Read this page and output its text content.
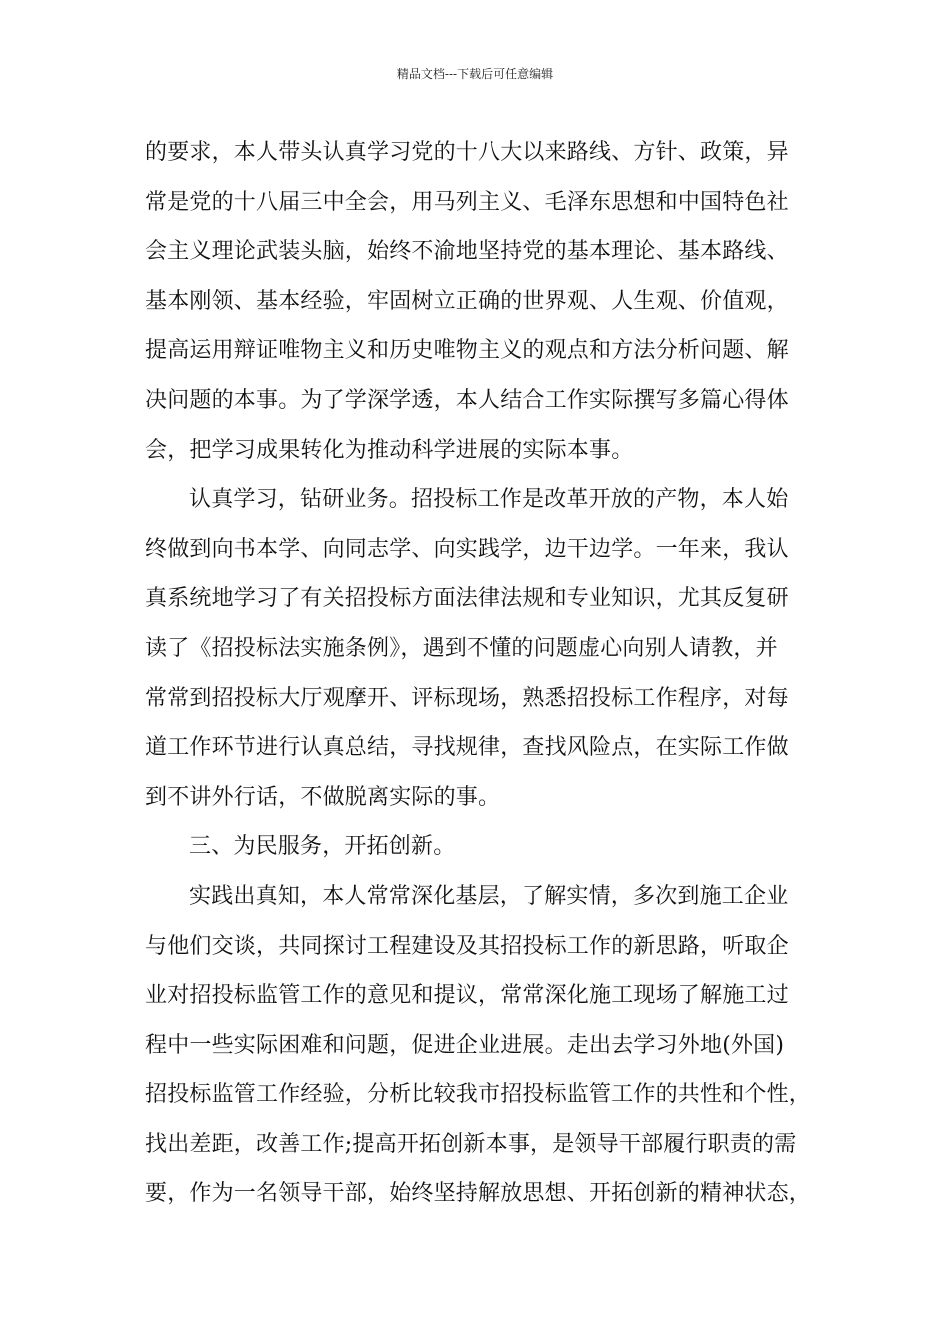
精品文档---下载后可任意编辑
的要求，本人带头认真学习党的十八大以来路线、方针、政策，异
常是党的十八届三中全会，用马列主义、毛泽东思想和中国特色社
会主义理论武装头脑，始终不渝地坚持党的基本理论、基本路线、
基本刚领、基本经验，牢固树立正确的世界观、人生观、价值观，
提高运用辩证唯物主义和历史唯物主义的观点和方法分析问题、解
决问题的本事。为了学深学透，本人结合工作实际撰写多篇心得体
会，把学习成果转化为推动科学进展的实际本事。
认真学习，钻研业务。招投标工作是改革开放的产物，本人始
终做到向书本学、向同志学、向实践学，边干边学。一年来，我认
真系统地学习了有关招投标方面法律法规和专业知识，尤其反复研
读了《招投标法实施条例》，遇到不懂的问题虚心向别人请教，并
常常到招投标大厅观摩开、评标现场，熟悉招投标工作程序，对每
道工作环节进行认真总结，寻找规律，查找风险点，在实际工作做
到不讲外行话，不做脱离实际的事。
三、为民服务，开拓创新。
实践出真知，本人常常深化基层，了解实情，多次到施工企业
与他们交谈，共同探讨工程建设及其招投标工作的新思路，听取企
业对招投标监管工作的意见和提议，常常深化施工现场了解施工过
程中一些实际困难和问题，促进企业进展。走出去学习外地(外国)
招投标监管工作经验，分析比较我市招投标监管工作的共性和个性，
找出差距，改善工作;提高开拓创新本事，是领导干部履行职责的需
要，作为一名领导干部，始终坚持解放思想、开拓创新的精神状态，
